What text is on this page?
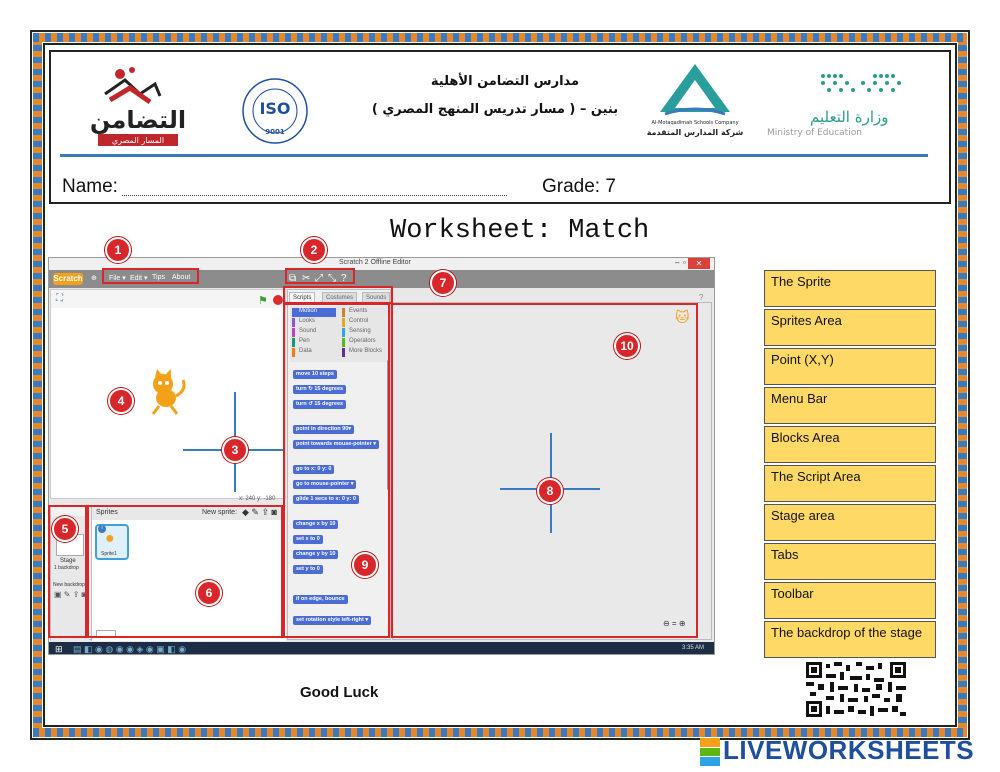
التضامن
المسار المصري
ISO
9001
مدارس التضامن الأهلية
( مسار تدريس المنهج المصري ) – بنين
Al-Motaqadimah Schools Company
شركة المدارس المتقدمة
وزارة التعليم
Ministry of Education
Name:	Grade: 7
Worksheet: Match
Scratch 2 Offline Editor	– ▫	✕
Scratch ⊕ File ▾ Edit ▾ Tips About	⧉ ✂ ⤢ ⤡ ?
⛶	⚑
x: 240 y: -180
Stage
1 backdrop
New backdrop:
▣ ✎ ⇪ ◙
Sprites	New sprite: ◆ ✎ ⇪ ◙
i
●
Sprite1
Scripts	Costumes	Sounds
Motion
Looks
Sound
Pen
Data
Events
Control
Sensing
Operators
More Blocks
move 10 steps
turn ↻ 15 degrees
turn ↺ 15 degrees
point in direction 90▾
point towards mouse-pointer ▾
go to x: 0 y: 0
go to mouse-pointer ▾
glide 1 secs to x: 0 y: 0
change x by 10
set x to 0
change y by 10
set y to 0
if on edge, bounce
set rotation style left-right ▾
🐱︎
?
⊖ = ⊕
⊞ ▤ ◧ ◉ ◍ ◉ ◉ ◈ ◉ ▣ ◧ ◉	3:35 AM
1	2
3
4
5
6
7
8
9
10
The Sprite
Sprites Area
Point (X,Y)
Menu Bar
Blocks Area
The Script Area
Stage area
Tabs
Toolbar
The backdrop of the stage
Good Luck
LIVEWORKSHEETS
